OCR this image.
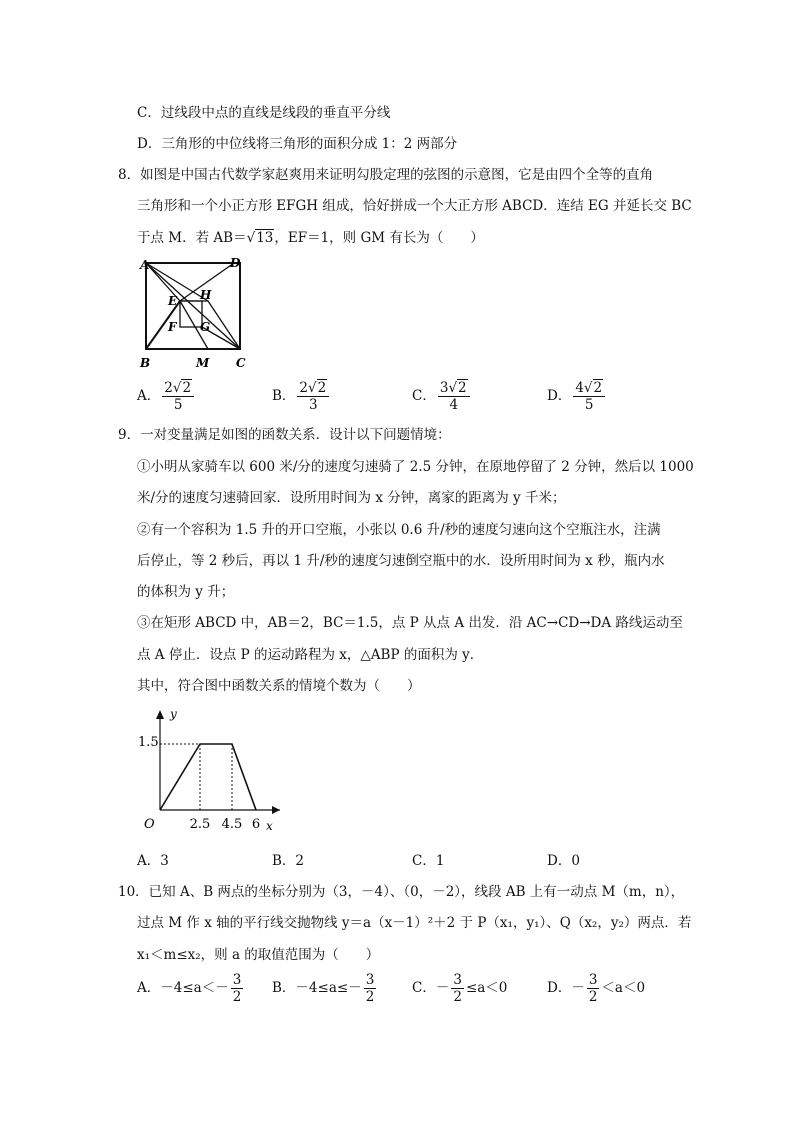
C．过线段中点的直线是线段的垂直平分线
D．三角形的中位线将三角形的面积分成 1：2 两部分
8．如图是中国古代数学家赵爽用来证明勾股定理的弦图的示意图，它是由四个全等的直角
三角形和一个小正方形 EFGH 组成，恰好拼成一个大正方形 ABCD．连结 EG 并延长交 BC
于点 M．若 AB＝√13，EF＝1，则 GM 有长为（　　）
A	D
B	C
E H
F G
M
A． $\frac{2√2}{5}$	B． $\frac{2√2}{3}$	C． $\frac{3√2}{4}$	D． $\frac{4√2}{5}$
9．一对变量满足如图的函数关系．设计以下问题情境：
①小明从家骑车以 600 米/分的速度匀速骑了 2.5 分钟，在原地停留了 2 分钟，然后以 1000
米/分的速度匀速骑回家．设所用时间为 x 分钟，离家的距离为 y 千米；
②有一个容积为 1.5 升的开口空瓶，小张以 0.6 升/秒的速度匀速向这个空瓶注水，注满
后停止，等 2 秒后，再以 1 升/秒的速度匀速倒空瓶中的水．设所用时间为 x 秒，瓶内水
的体积为 y 升；
③在矩形 ABCD 中，AB＝2，BC＝1.5，点 P 从点 A 出发．沿 AC→CD→DA 路线运动至
点 A 停止．设点 P 的运动路程为 x，△ABP 的面积为 y．
其中，符合图中函数关系的情境个数为（　　）
y
x
O
1.5
2.5 4.5 6
A．3	B．2	C．1	D．0
10．已知 A、B 两点的坐标分别为（3，－4）、（0，－2），线段 AB 上有一动点 M（m，n），
过点 M 作 x 轴的平行线交抛物线 y＝a（x－1）²＋2 于 P（x₁，y₁）、Q（x₂，y₂）两点．若
x₁＜m≤x₂，则 a 的取值范围为（　　）
A．$-4\le a<- \frac{3}{2}$ B．$-4\le a\le- \frac{3}{2}$	C．－ $\frac{3}{2} \le a<0$	D．－ $\frac{3}{2} <a<0$
